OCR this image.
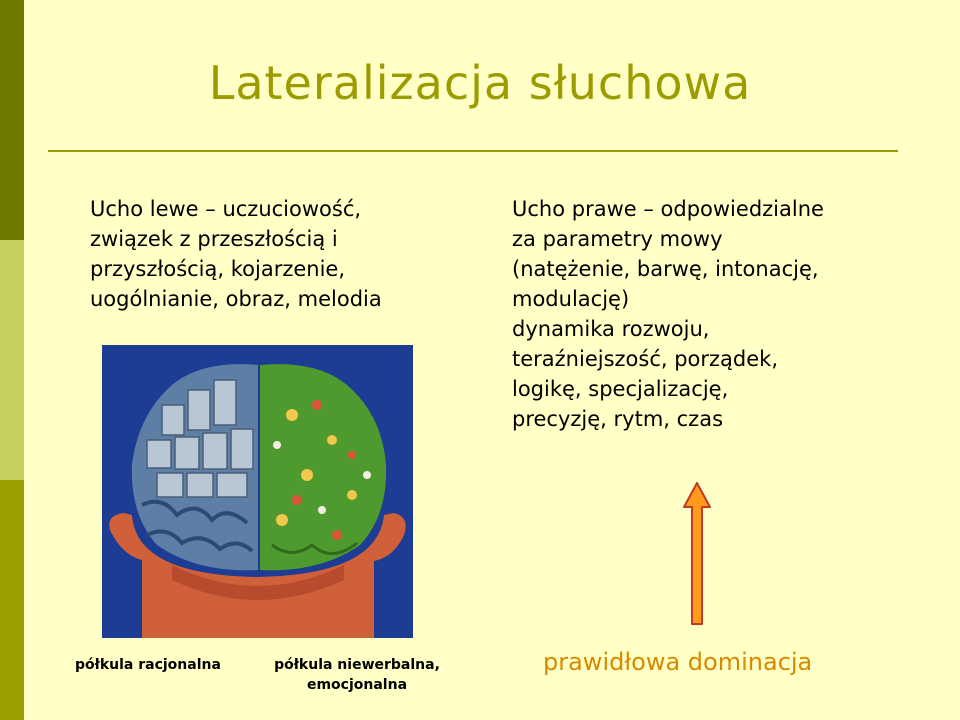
Lateralizacja słuchowa
Ucho lewe – uczuciowość,
związek z przeszłością i
przyszłością, kojarzenie,
uogólnianie, obraz, melodia
Ucho prawe – odpowiedzialne
za parametry mowy
(natężenie, barwę, intonację,
modulację)
dynamika rozwoju,
teraźniejszość, porządek,
logikę, specjalizację,
precyzję, rytm, czas
półkula racjonalna	półkula niewerbalna,
emocjonalna
prawidłowa dominacja
